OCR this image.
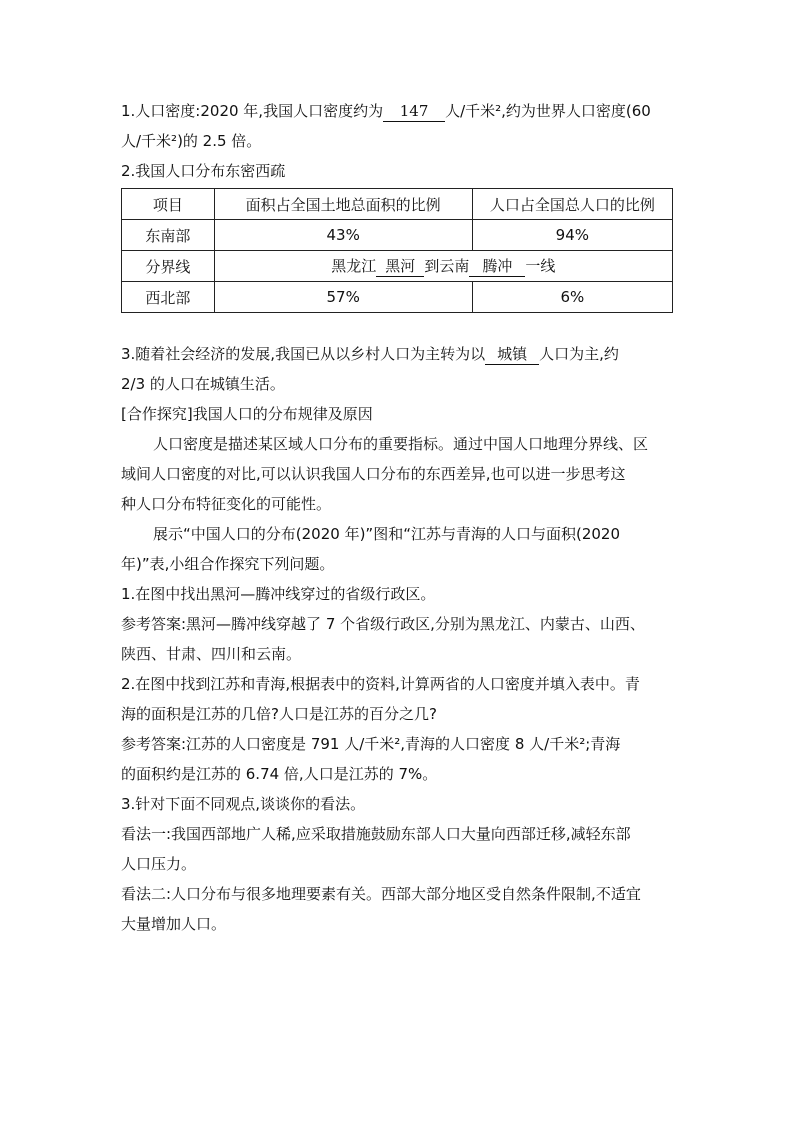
1.人口密度:2020 年,我国人口密度约为 147 人/千米²,约为世界人口密度(60
人/千米²)的 2.5 倍。
2.我国人口分布东密西疏
项目	面积占全国土地总面积的比例	人口占全国总人口的比例
东南部	43%	94%
分界线	黑龙江 黑河 到云南 腾冲 一线	
西北部	57%	6%
3.随着社会经济的发展,我国已从以乡村人口为主转为以 城镇 人口为主,约
2/3 的人口在城镇生活。
[合作探究]我国人口的分布规律及原因
人口密度是描述某区域人口分布的重要指标。通过中国人口地理分界线、区
域间人口密度的对比,可以认识我国人口分布的东西差异,也可以进一步思考这
种人口分布特征变化的可能性。
展示“中国人口的分布(2020 年)”图和“江苏与青海的人口与面积(2020
年)”表,小组合作探究下列问题。
1.在图中找出黑河—腾冲线穿过的省级行政区。
参考答案:黑河—腾冲线穿越了 7 个省级行政区,分别为黑龙江、内蒙古、山西、
陕西、甘肃、四川和云南。
2.在图中找到江苏和青海,根据表中的资料,计算两省的人口密度并填入表中。青
海的面积是江苏的几倍?人口是江苏的百分之几?
参考答案:江苏的人口密度是 791 人/千米²,青海的人口密度 8 人/千米²;青海
的面积约是江苏的 6.74 倍,人口是江苏的 7%。
3.针对下面不同观点,谈谈你的看法。
看法一:我国西部地广人稀,应采取措施鼓励东部人口大量向西部迁移,减轻东部
人口压力。
看法二:人口分布与很多地理要素有关。西部大部分地区受自然条件限制,不适宜
大量增加人口。
